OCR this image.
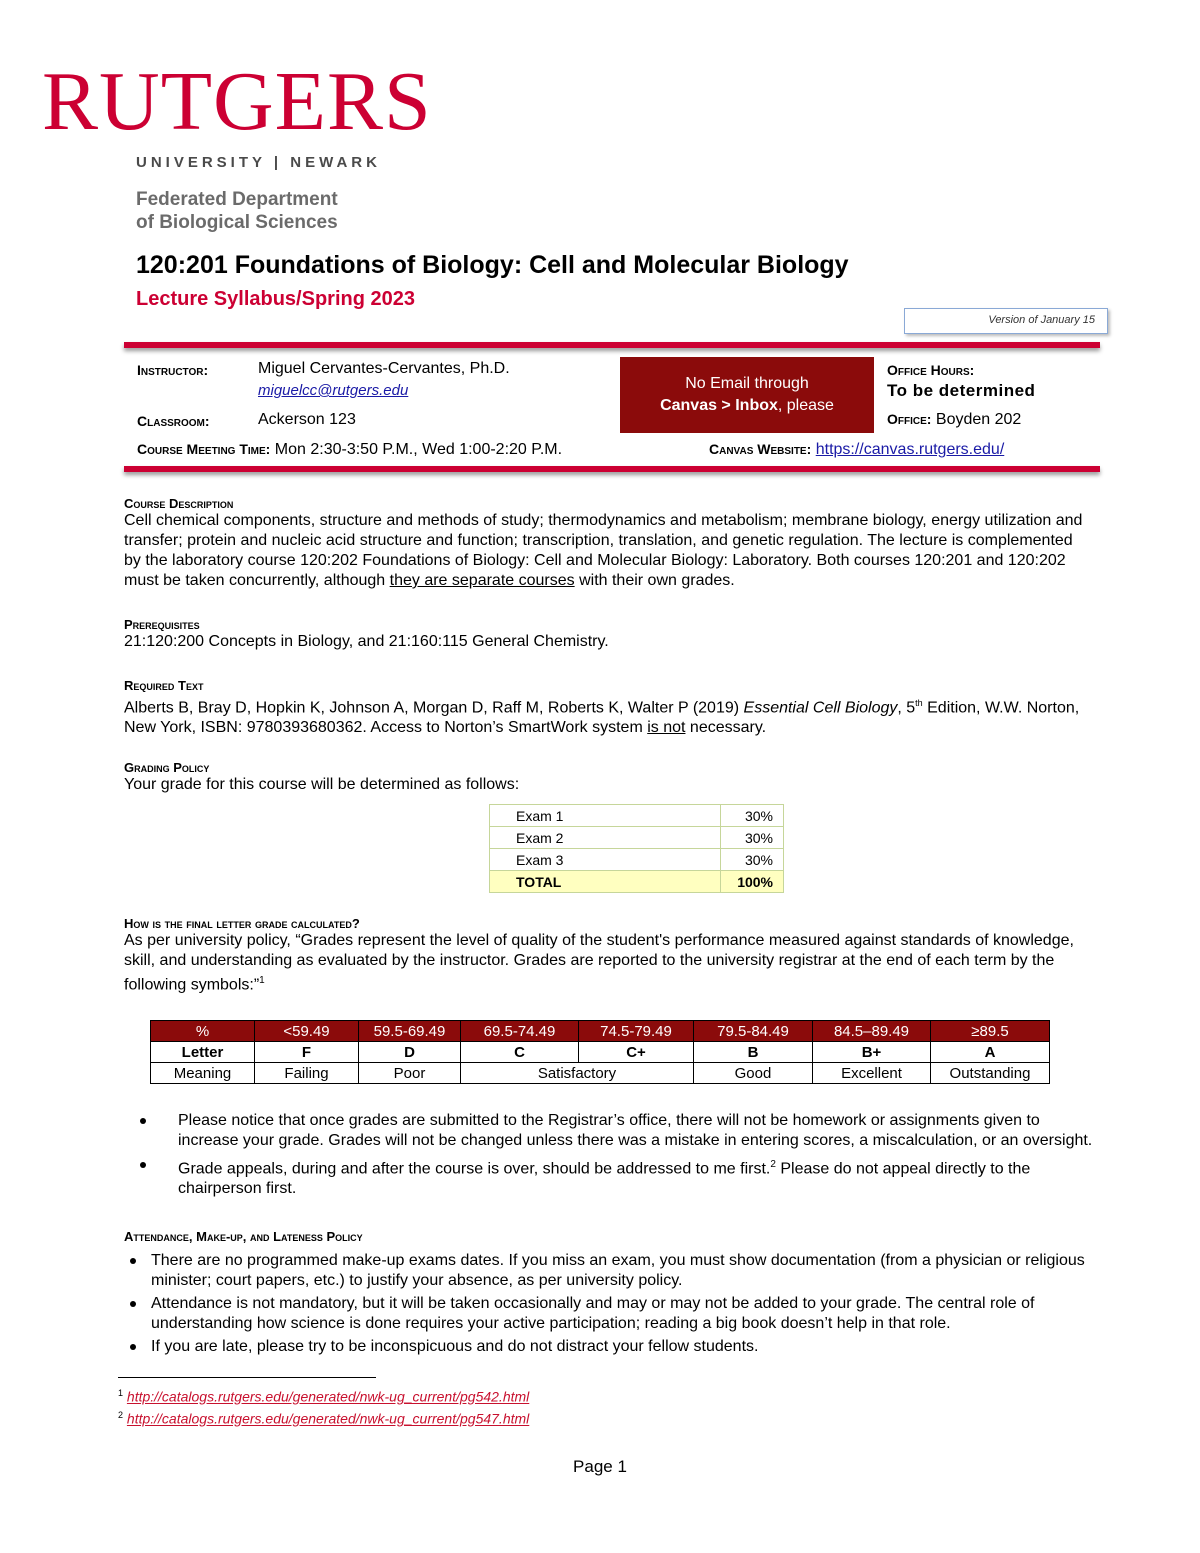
RUTGERS
UNIVERSITY | NEWARK
Federated Department
of Biological Sciences
120:201 Foundations of Biology: Cell and Molecular Biology
Lecture Syllabus/Spring 2023
Version of January 15
Instructor:	Miguel Cervantes-Cervantes, Ph.D.
miguelcc@rutgers.edu
Classroom:	Ackerson 123
No Email through
Canvas > Inbox, please
Office Hours:
To be determined
Office: Boyden 202
Course Meeting Time: Mon 2:30-3:50 P.M., Wed 1:00-2:20 P.M.	Canvas Website: https://canvas.rutgers.edu/
Course Description
Cell chemical components, structure and methods of study; thermodynamics and metabolism; membrane biology, energy utilization and transfer; protein and nucleic acid structure and function; transcription, translation, and genetic regulation. The lecture is complemented by the laboratory course 120:202 Foundations of Biology: Cell and Molecular Biology: Laboratory. Both courses 120:201 and 120:202 must be taken concurrently, although they are separate courses with their own grades.
Prerequisites
21:120:200 Concepts in Biology, and 21:160:115 General Chemistry.
Required Text
Alberts B, Bray D, Hopkin K, Johnson A, Morgan D, Raff M, Roberts K, Walter P (2019) Essential Cell Biology, 5th Edition, W.W. Norton, New York, ISBN: 9780393680362. Access to Norton’s SmartWork system is not necessary.
Grading Policy
Your grade for this course will be determined as follows:
Exam 1	30%
Exam 2	30%
Exam 3	30%
TOTAL	100%
How is the final letter grade calculated?
As per university policy, “Grades represent the level of quality of the student's performance measured against standards of knowledge, skill, and understanding as evaluated by the instructor. Grades are reported to the university registrar at the end of each term by the following symbols:”$^1$
%	<59.49	59.5-69.49	69.5-74.49	74.5-79.49	79.5-84.49	84.5–89.49	≥89.5
Letter	F	D	C	C+	B	B+	A
Meaning	Failing	Poor	Satisfactory		Good	Excellent	Outstanding
Please notice that once grades are submitted to the Registrar’s office, there will not be homework or assignments given to increase your grade. Grades will not be changed unless there was a mistake in entering scores, a miscalculation, or an oversight.
Grade appeals, during and after the course is over, should be addressed to me first.$^2$ Please do not appeal directly to the chairperson first.
Attendance, Make-up, and Lateness Policy
There are no programmed make-up exams dates. If you miss an exam, you must show documentation (from a physician or religious minister; court papers, etc.) to justify your absence, as per university policy.
Attendance is not mandatory, but it will be taken occasionally and may or may not be added to your grade. The central role of understanding how science is done requires your active participation; reading a big book doesn’t help in that role.
If you are late, please try to be inconspicuous and do not distract your fellow students.
$^1$ http://catalogs.rutgers.edu/generated/nwk-ug_current/pg542.html
$^2$ http://catalogs.rutgers.edu/generated/nwk-ug_current/pg547.html
Page 1
